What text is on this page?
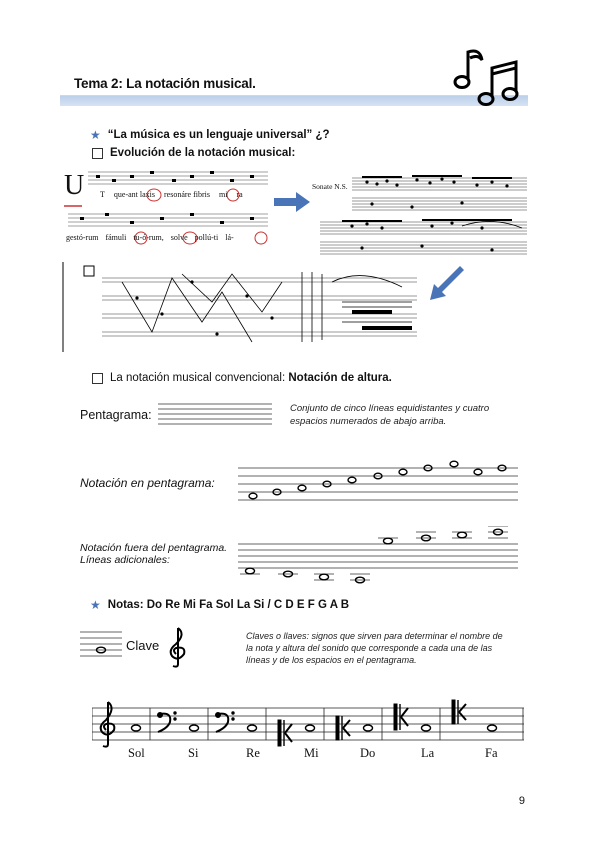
Tema 2: La notación musical.
★ “La música es un lenguaje universal” ¿?
Evolución de la notación musical:
U T que-ant laxis resonáre fibris mi ra
gestó-rum fámuli tu-ó-rum, solve pollú-ti lá-
Sonate N.S.
La notación musical convencional: Notación de altura.
Pentagrama:	Conjunto de cinco líneas equidistantes y cuatro espacios numerados de abajo arriba.
Notación en pentagrama:
Notación fuera del pentagrama.
Líneas adicionales:
★ Notas: Do Re Mi Fa Sol La Si / C D E F G A B
Clave
Claves o llaves: signos que sirven para determinar el nombre de la nota y altura del sonido que corresponde a cada una de las líneas y de los espacios en el pentagrama.
Sol	Si	Re	Mi	Do	La	Fa
9
